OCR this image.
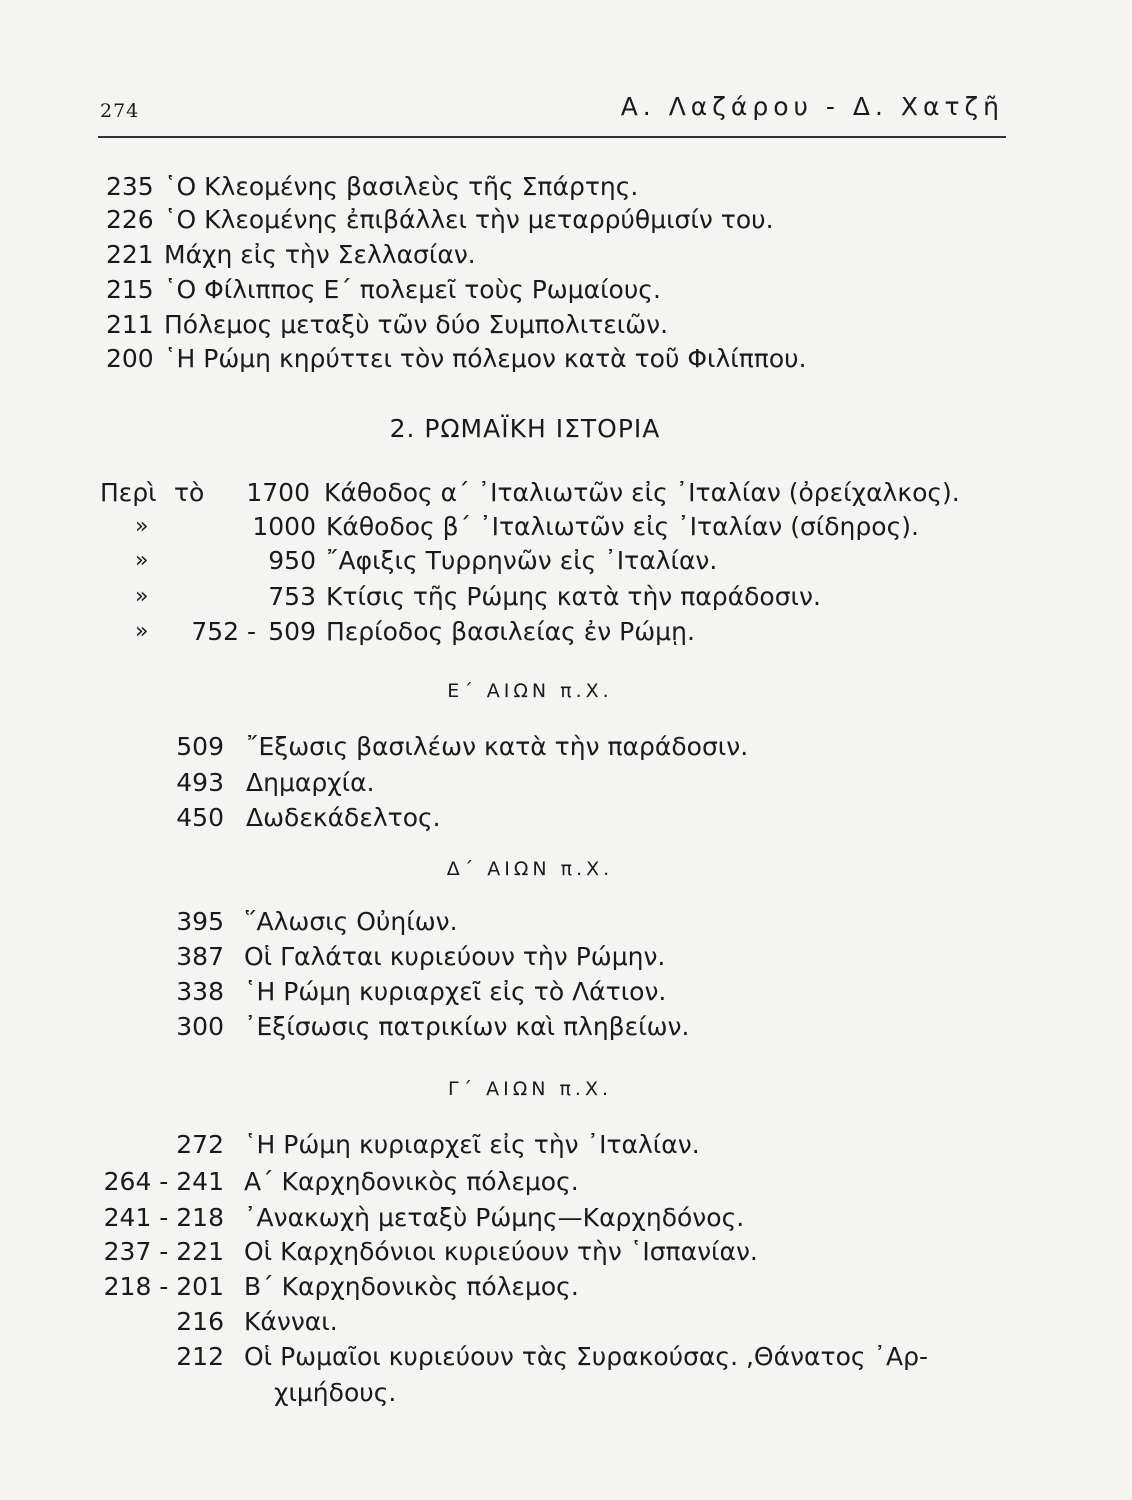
274	Α. Λαζάρου - Δ. Χατζῆ
235 ῾Ο Κλεομένης βασιλεὺς τῆς Σπάρτης.
226 ῾Ο Κλεομένης ἐπιβάλλει τὴν μεταρρύθμισίν του.
221 Μάχη εἰς τὴν Σελλασίαν.
215 ῾Ο Φίλιππος Ε΄ πολεμεῖ τοὺς Ρωμαίους.
211 Πόλεμος μεταξὺ τῶν δύο Συμπολιτειῶν.
200 ῾Η Ρώμη κηρύττει τὸν πόλεμον κατὰ τοῦ Φιλίππου.
2. ΡΩΜΑΪΚΗ ΙΣΤΟΡΙΑ
Περὶ τὸ 1700 Κάθοδος α΄ ᾿Ιταλιωτῶν εἰς ᾿Ιταλίαν (ὀρείχαλκος).
»	1000 Κάθοδος β΄ ᾿Ιταλιωτῶν εἰς ᾿Ιταλίαν (σίδηρος).
»	950 ῎Αφιξις Τυρρηνῶν εἰς ᾿Ιταλίαν.
»	753 Κτίσις τῆς Ρώμης κατὰ τὴν παράδοσιν.
»	752 - 509 Περίοδος βασιλείας ἐν Ρώμῃ.
Ε΄ ΑΙΩΝ π.Χ.
509 ῎Εξωσις βασιλέων κατὰ τὴν παράδοσιν.
493 Δημαρχία.
450 Δωδεκάδελτος.
Δ΄ ΑΙΩΝ π.Χ.
395 ῞Αλωσις Οὐηίων.
387 Οἱ Γαλάται κυριεύουν τὴν Ρώμην.
338 ῾Η Ρώμη κυριαρχεῖ εἰς τὸ Λάτιον.
300 ᾿Εξίσωσις πατρικίων καὶ πληβείων.
Γ΄ ΑΙΩΝ π.Χ.
272 ῾Η Ρώμη κυριαρχεῖ εἰς τὴν ᾿Ιταλίαν.
264 - 241 Α΄ Καρχηδονικὸς πόλεμος.
241 - 218 ᾿Ανακωχὴ μεταξὺ Ρώμης—Καρχηδόνος.
237 - 221 Οἱ Καρχηδόνιοι κυριεύουν τὴν ῾Ισπανίαν.
218 - 201 Β΄ Καρχηδονικὸς πόλεμος.
216 Κάνναι.
212 Οἱ Ρωμαῖοι κυριεύουν τὰς Συρακούσας. ,Θάνατος ᾿Αρ-
χιμήδους.
